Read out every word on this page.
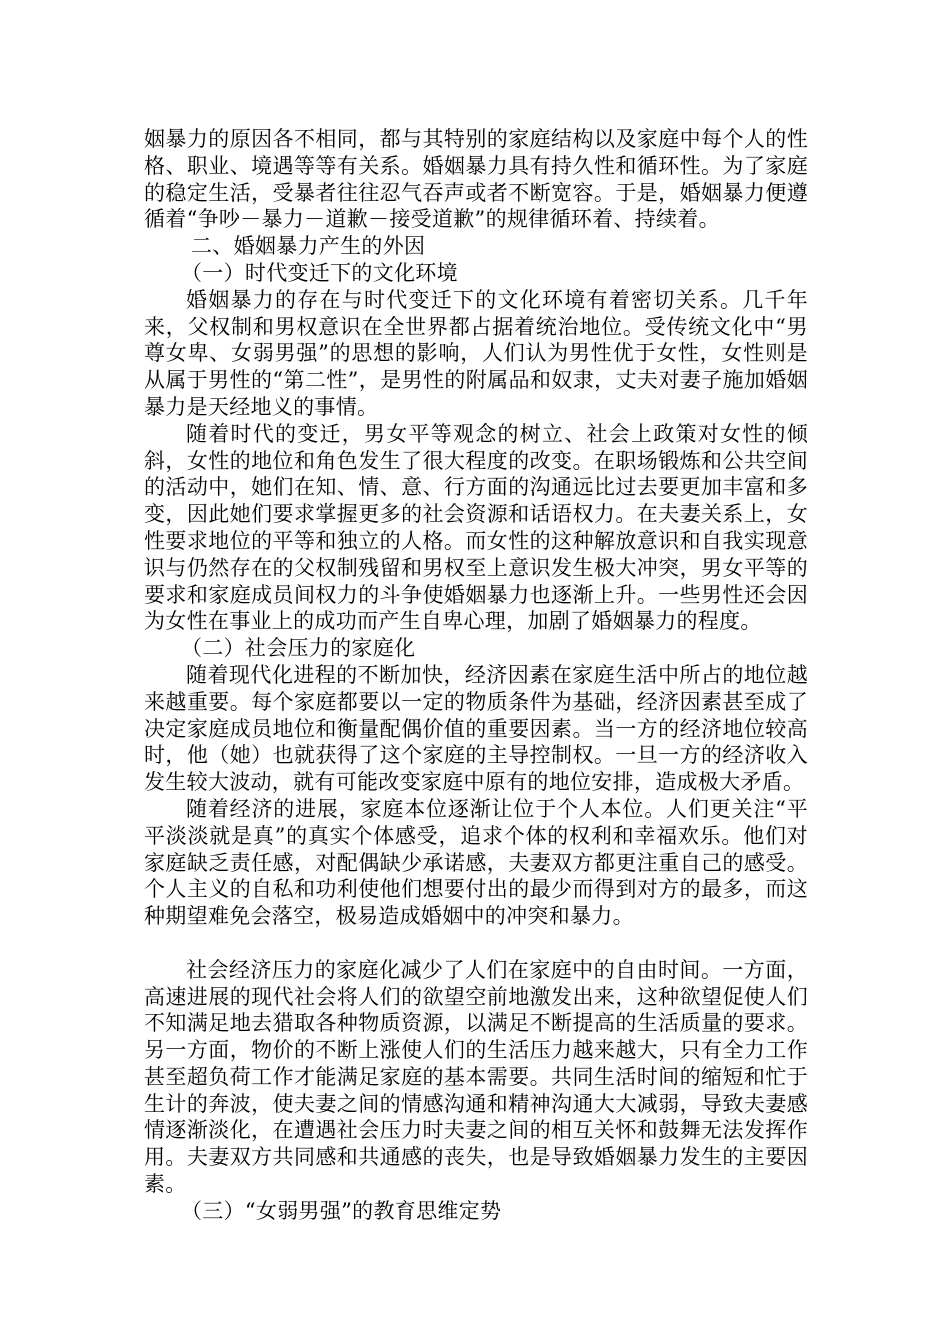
姻暴力的原因各不相同，都与其特别的家庭结构以及家庭中每个人的性格、职业、境遇等等有关系。婚姻暴力具有持久性和循环性。为了家庭的稳定生活，受暴者往往忍气吞声或者不断宽容。于是，婚姻暴力便遵循着“争吵－暴力－道歉－接受道歉”的规律循环着、持续着。

二、婚姻暴力产生的外因

（一）时代变迁下的文化环境

婚姻暴力的存在与时代变迁下的文化环境有着密切关系。几千年来，父权制和男权意识在全世界都占据着统治地位。受传统文化中“男尊女卑、女弱男强”的思想的影响，人们认为男性优于女性，女性则是从属于男性的“第二性”，是男性的附属品和奴隶，丈夫对妻子施加婚姻暴力是天经地义的事情。

随着时代的变迁，男女平等观念的树立、社会上政策对女性的倾斜，女性的地位和角色发生了很大程度的改变。在职场锻炼和公共空间的活动中，她们在知、情、意、行方面的沟通远比过去要更加丰富和多变，因此她们要求掌握更多的社会资源和话语权力。在夫妻关系上，女性要求地位的平等和独立的人格。而女性的这种解放意识和自我实现意识与仍然存在的父权制残留和男权至上意识发生极大冲突，男女平等的要求和家庭成员间权力的斗争使婚姻暴力也逐渐上升。一些男性还会因为女性在事业上的成功而产生自卑心理，加剧了婚姻暴力的程度。

（二）社会压力的家庭化

随着现代化进程的不断加快，经济因素在家庭生活中所占的地位越来越重要。每个家庭都要以一定的物质条件为基础，经济因素甚至成了决定家庭成员地位和衡量配偶价值的重要因素。当一方的经济地位较高时，他（她）也就获得了这个家庭的主导控制权。一旦一方的经济收入发生较大波动，就有可能改变家庭中原有的地位安排，造成极大矛盾。

随着经济的进展，家庭本位逐渐让位于个人本位。人们更关注“平平淡淡就是真”的真实个体感受，追求个体的权利和幸福欢乐。他们对家庭缺乏责任感，对配偶缺少承诺感，夫妻双方都更注重自己的感受。个人主义的自私和功利使他们想要付出的最少而得到对方的最多，而这种期望难免会落空，极易造成婚姻中的冲突和暴力。

社会经济压力的家庭化减少了人们在家庭中的自由时间。一方面，高速进展的现代社会将人们的欲望空前地激发出来，这种欲望促使人们不知满足地去猎取各种物质资源，以满足不断提高的生活质量的要求。另一方面，物价的不断上涨使人们的生活压力越来越大，只有全力工作甚至超负荷工作才能满足家庭的基本需要。共同生活时间的缩短和忙于生计的奔波，使夫妻之间的情感沟通和精神沟通大大减弱，导致夫妻感情逐渐淡化，在遭遇社会压力时夫妻之间的相互关怀和鼓舞无法发挥作用。夫妻双方共同感和共通感的丧失，也是导致婚姻暴力发生的主要因素。

（三）“女弱男强”的教育思维定势
